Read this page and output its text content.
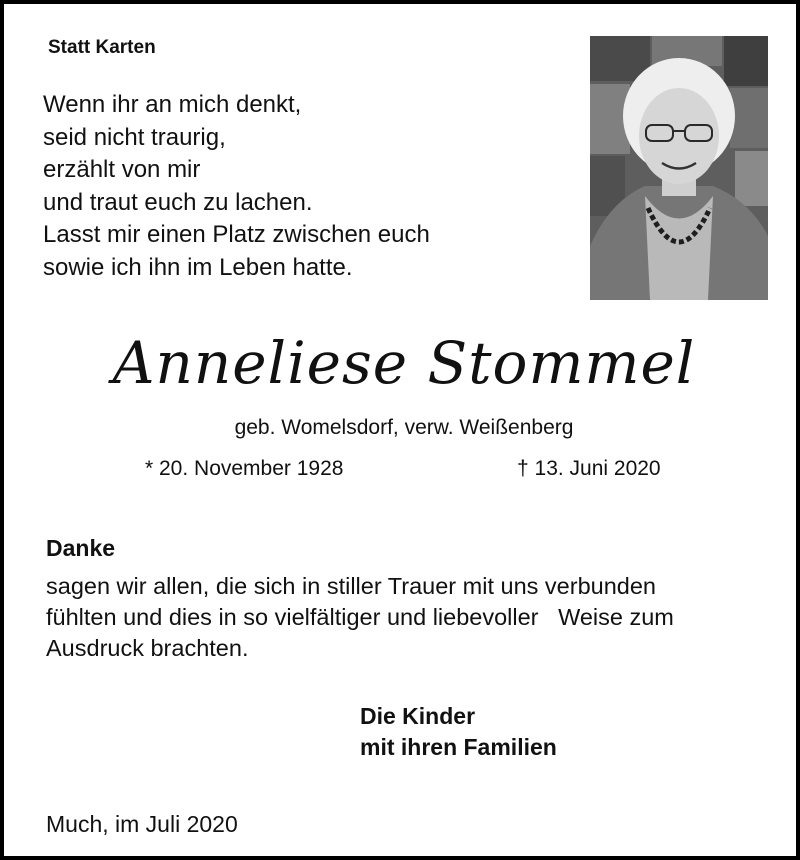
Statt Karten
Wenn ihr an mich denkt,
seid nicht traurig,
erzählt von mir
und traut euch zu lachen.
Lasst mir einen Platz zwischen euch
sowie ich ihn im Leben hatte.
Anneliese Stommel
geb. Womelsdorf, verw. Weißenberg
* 20. November 1928	† 13. Juni 2020
Danke
sagen wir allen, die sich in stiller Trauer mit uns verbunden
fühlten und dies in so vielfältiger und liebevoller   Weise zum
Ausdruck brachten.
Die Kinder
mit ihren Familien
Much, im Juli 2020
